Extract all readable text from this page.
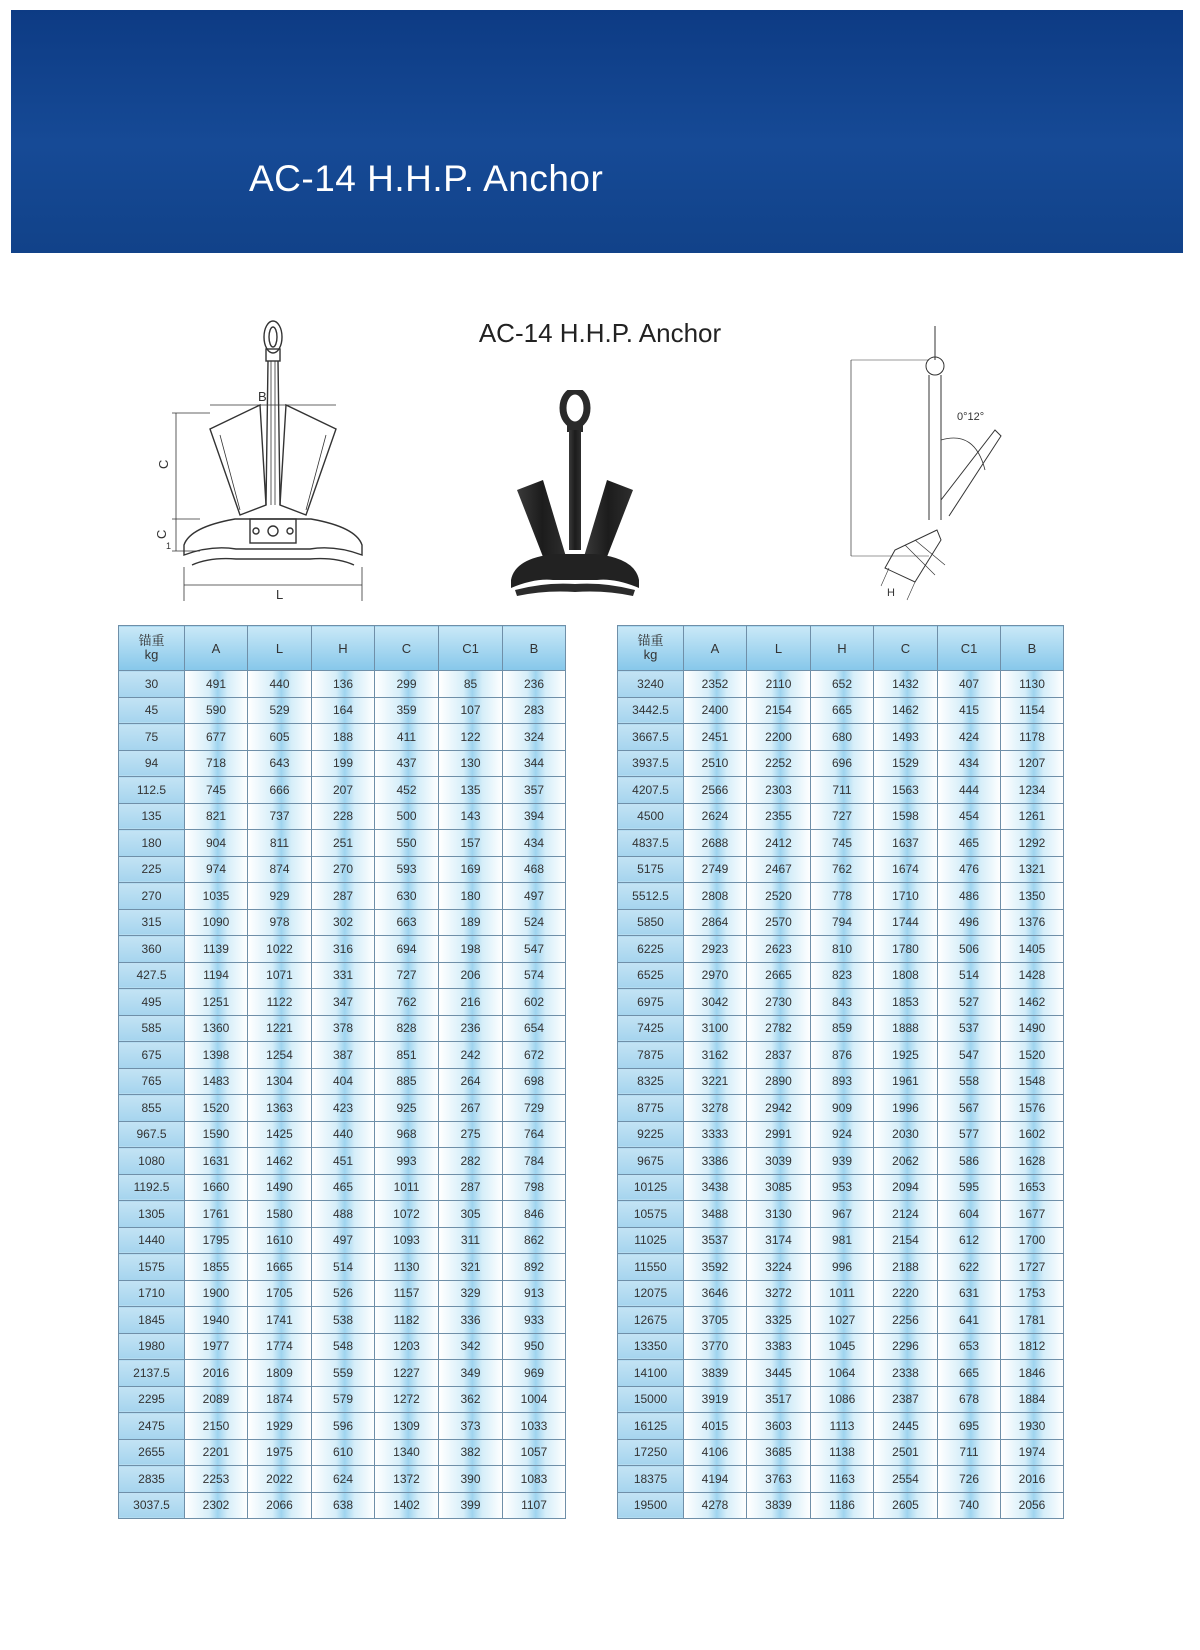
AC-14 H.H.P. Anchor
AC-14 H.H.P. Anchor
B
C
C
1
L
0°12°
H
锚重
kg	A	L	H	C	C1	B
30	491	440	136	299	85	236
45	590	529	164	359	107	283
75	677	605	188	411	122	324
94	718	643	199	437	130	344
112.5	745	666	207	452	135	357
135	821	737	228	500	143	394
180	904	811	251	550	157	434
225	974	874	270	593	169	468
270	1035	929	287	630	180	497
315	1090	978	302	663	189	524
360	1139	1022	316	694	198	547
427.5	1194	1071	331	727	206	574
495	1251	1122	347	762	216	602
585	1360	1221	378	828	236	654
675	1398	1254	387	851	242	672
765	1483	1304	404	885	264	698
855	1520	1363	423	925	267	729
967.5	1590	1425	440	968	275	764
1080	1631	1462	451	993	282	784
1192.5	1660	1490	465	1011	287	798
1305	1761	1580	488	1072	305	846
1440	1795	1610	497	1093	311	862
1575	1855	1665	514	1130	321	892
1710	1900	1705	526	1157	329	913
1845	1940	1741	538	1182	336	933
1980	1977	1774	548	1203	342	950
2137.5	2016	1809	559	1227	349	969
2295	2089	1874	579	1272	362	1004
2475	2150	1929	596	1309	373	1033
2655	2201	1975	610	1340	382	1057
2835	2253	2022	624	1372	390	1083
3037.5	2302	2066	638	1402	399	1107
锚重
kg	A	L	H	C	C1	B
3240	2352	2110	652	1432	407	1130
3442.5	2400	2154	665	1462	415	1154
3667.5	2451	2200	680	1493	424	1178
3937.5	2510	2252	696	1529	434	1207
4207.5	2566	2303	711	1563	444	1234
4500	2624	2355	727	1598	454	1261
4837.5	2688	2412	745	1637	465	1292
5175	2749	2467	762	1674	476	1321
5512.5	2808	2520	778	1710	486	1350
5850	2864	2570	794	1744	496	1376
6225	2923	2623	810	1780	506	1405
6525	2970	2665	823	1808	514	1428
6975	3042	2730	843	1853	527	1462
7425	3100	2782	859	1888	537	1490
7875	3162	2837	876	1925	547	1520
8325	3221	2890	893	1961	558	1548
8775	3278	2942	909	1996	567	1576
9225	3333	2991	924	2030	577	1602
9675	3386	3039	939	2062	586	1628
10125	3438	3085	953	2094	595	1653
10575	3488	3130	967	2124	604	1677
11025	3537	3174	981	2154	612	1700
11550	3592	3224	996	2188	622	1727
12075	3646	3272	1011	2220	631	1753
12675	3705	3325	1027	2256	641	1781
13350	3770	3383	1045	2296	653	1812
14100	3839	3445	1064	2338	665	1846
15000	3919	3517	1086	2387	678	1884
16125	4015	3603	1113	2445	695	1930
17250	4106	3685	1138	2501	711	1974
18375	4194	3763	1163	2554	726	2016
19500	4278	3839	1186	2605	740	2056
